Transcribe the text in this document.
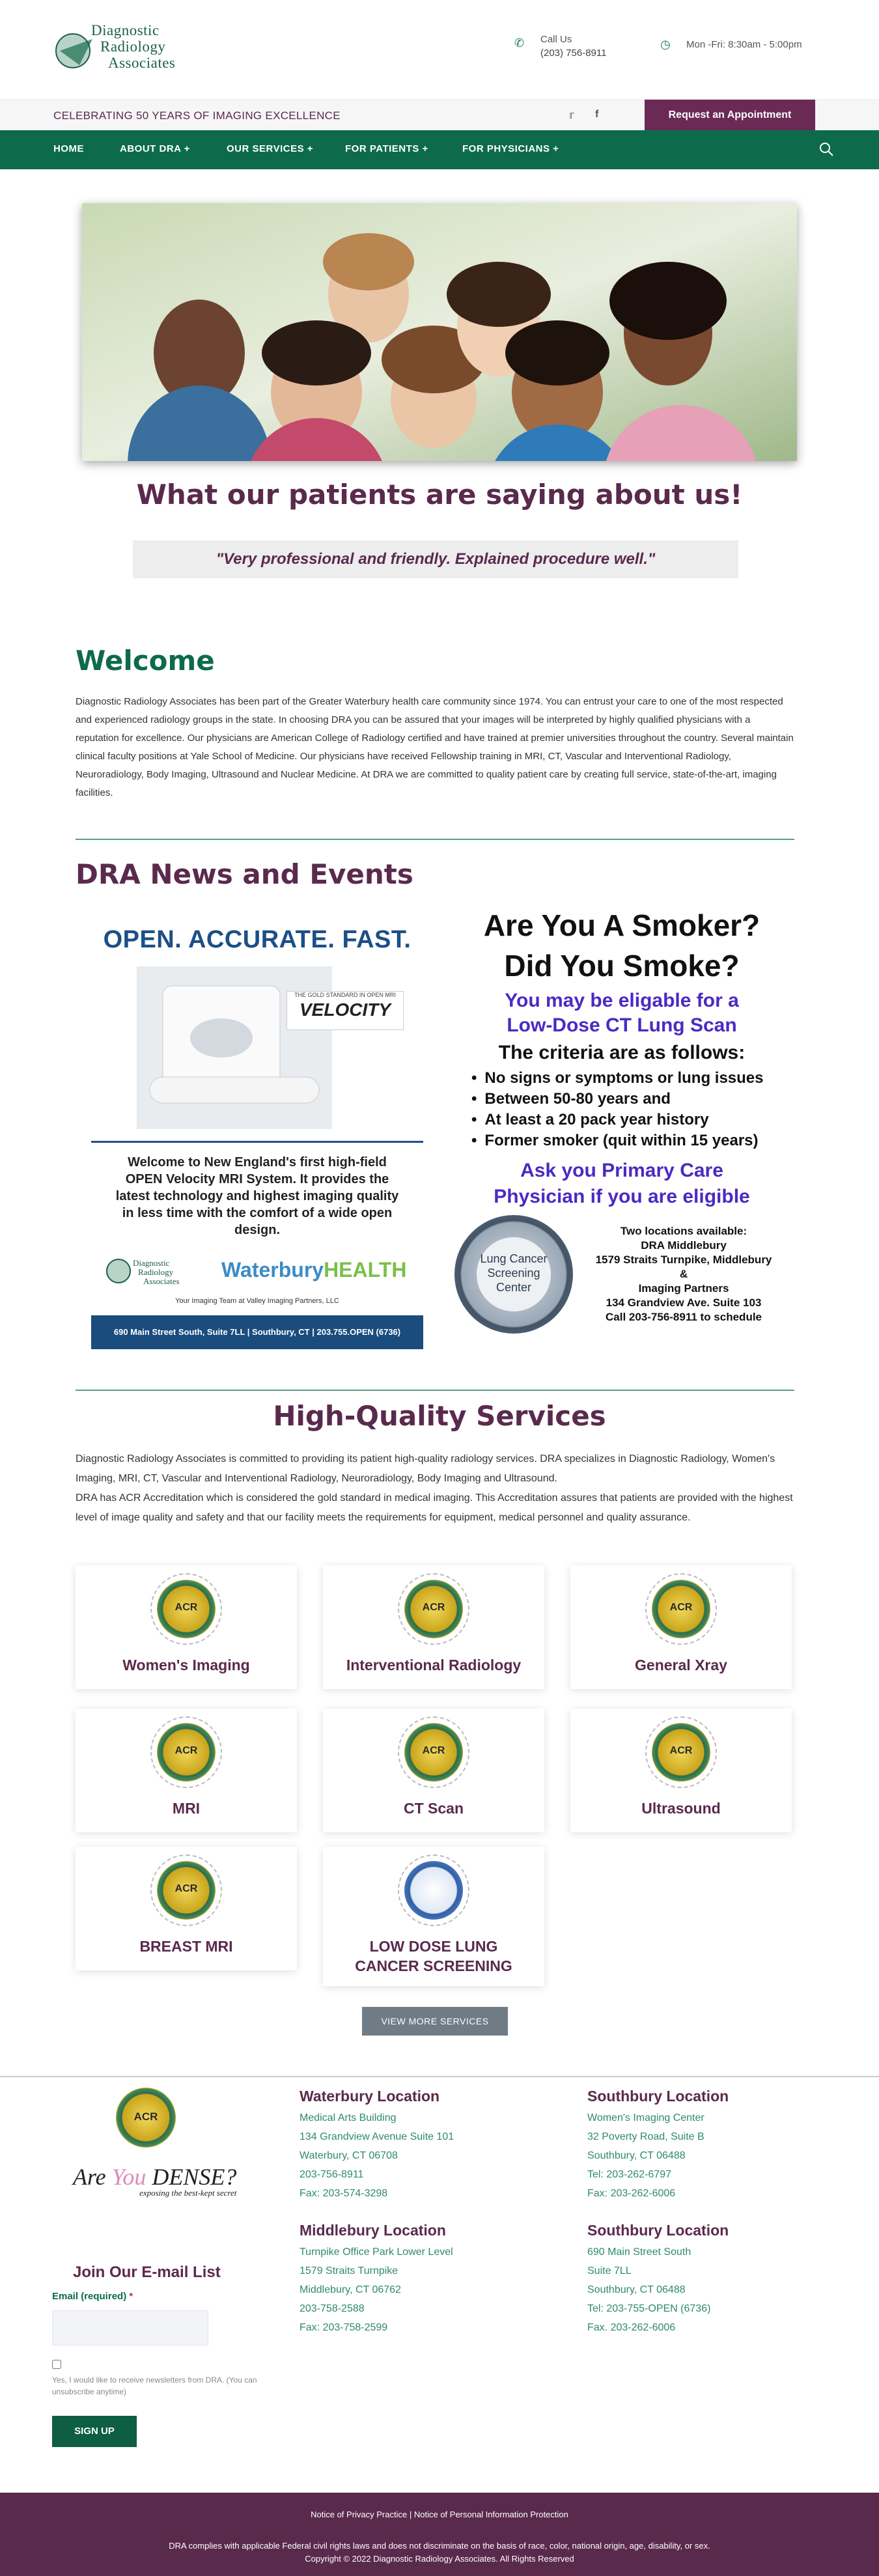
Diagnostic
Radiology
Associates
✆	Call Us
(203) 756-8911
◷ Mon -Fri: 8:30am - 5:00pm
CELEBRATING 50 YEARS OF IMAGING EXCELLENCE	𝕣 f	Request an Appointment
HOME	ABOUT DRA +	OUR SERVICES +	FOR PATIENTS +	FOR PHYSICIANS +
What our patients are saying about us!
"Very professional and friendly. Explained procedure well."
Welcome

Diagnostic Radiology Associates has been part of the Greater Waterbury health care community since 1974. You can entrust your care to one of the most respected and experienced radiology groups in the state. In choosing DRA you can be assured that your images will be interpreted by highly qualified physicians with a reputation for excellence. Our physicians are American College of Radiology certified and have trained at premier universities throughout the country. Several maintain clinical faculty positions at Yale School of Medicine. Our physicians have received Fellowship training in MRI, CT, Vascular and Interventional Radiology, Neuroradiology, Body Imaging, Ultrasound and Nuclear Medicine. At DRA we are committed to quality patient care by creating full service, state-of-the-art, imaging facilities.

DRA News and Events
OPEN. ACCURATE. FAST.
THE GOLD STANDARD IN OPEN MRI
VELOCITY
Welcome to New England's first high-field OPEN Velocity MRI System. It provides the latest technology and highest imaging quality in less time with the comfort of a wide open design.
Diagnostic
Radiology
Associates WaterburyHEALTH
Your Imaging Team at Valley Imaging Partners, LLC
690 Main Street South, Suite 7LL | Southbury, CT | 203.755.OPEN (6736)
Are You A Smoker? Did You Smoke?
You may be eligable for a Low-Dose CT Lung Scan
The criteria are as follows:
• No signs or symptoms or lung issues
• Between 50-80 years and
• At least a 20 pack year history
• Former smoker (quit within 15 years)
Ask you Primary Care Physician if you are eligible
Lung Cancer Screening Center
Two locations available:
DRA Middlebury
1579 Straits Turnpike, Middlebury
&
Imaging Partners
134 Grandview Ave. Suite 103
Call 203-756-8911 to schedule
High-Quality Services

Diagnostic Radiology Associates is committed to providing its patient high-quality radiology services. DRA specializes in Diagnostic Radiology, Women's Imaging, MRI, CT, Vascular and Interventional Radiology, Neuroradiology, Body Imaging and Ultrasound.

DRA has ACR Accreditation which is considered the gold standard in medical imaging. This Accreditation assures that patients are provided with the highest level of image quality and safety and that our facility meets the requirements for equipment, medical personnel and quality assurance.

ACR
Women's Imaging
ACR
Interventional Radiology
ACR
General Xray
ACR
MRI
ACR
CT Scan
ACR
Ultrasound
ACR
BREAST MRI	LOW DOSE LUNG CANCER SCREENING
VIEW MORE SERVICES
ACR
Are You DENSE?
exposing the best-kept secret
Join Our E-mail List
Email (required) *
Yes, I would like to receive newsletters from DRA. (You can unsubscribe anytime)
SIGN UP
Waterbury Location
Medical Arts Building
134 Grandview Avenue Suite 101
Waterbury, CT 06708
203-756-8911
Fax: 203-574-3298
Southbury Location
Women's Imaging Center
32 Poverty Road, Suite B
Southbury, CT 06488
Tel: 203-262-6797
Fax: 203-262-6006
Middlebury Location
Turnpike Office Park Lower Level
1579 Straits Turnpike
Middlebury, CT 06762
203-758-2588
Fax: 203-758-2599
Southbury Location
690 Main Street South
Suite 7LL
Southbury, CT 06488
Tel: 203-755-OPEN (6736)
Fax. 203-262-6006
Notice of Privacy Practice | Notice of Personal Information Protection
DRA complies with applicable Federal civil rights laws and does not discriminate on the basis of race, color, national origin, age, disability, or sex.
Copyright © 2022 Diagnostic Radiology Associates. All Rights Reserved
